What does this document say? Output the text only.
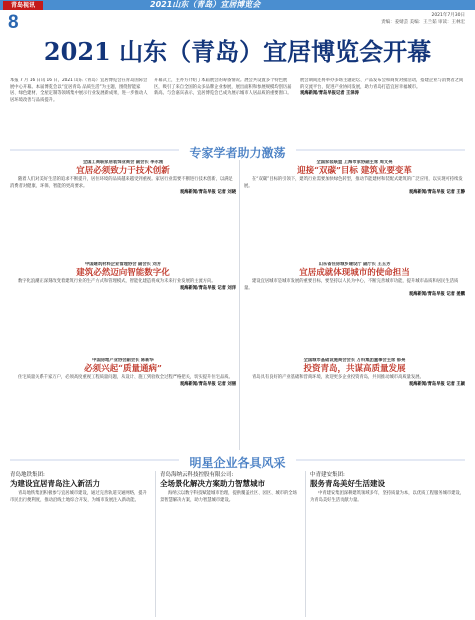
青岛视讯	2021山东（青岛）宜居博览会
8	2021年7月30日
责编：姜婧芸 美编：王兰茹 审读：王林宏
2021 山东（青岛）宜居博览会开幕
本报 7 月 16 日讯 16 日，2021 山东（青岛）宜居博览会在青岛国际会展中心开幕。本届博览会以“宜居青岛 品质生活”为主题，围绕智能家居、绿色建材、全屋定制等领域集中展示行业发展新成果，进一步推动人居环境改善与品质提升。
开幕式上，主办方介绍了本届展会的筹备情况。展会共设置多个特色展区，吸引了来自全国的众多品牌企业参展，展出面积和参展规模均创历届新高。与会嘉宾表示，宜居博览会已成为展示城市人居品质的重要窗口。
展会期间还将举办多场主题论坛、产品发布会和商贸对接活动，搭建企业与消费者之间的交流平台，促进产业协同发展，助力青岛打造宜居幸福城市。
观海新闻/青岛早报记者 王泽涛
专家学者助力激荡
全国工商联家居装饰业商会 副会长 李永刚
宜居必须致力于技术创新
随着人们对美好生活的追求不断提升，居住环境的品质越来越受到重视。家居行业需要不断进行技术创新，以满足消费者对健康、环保、智能的更高要求。
观海新闻/青岛早报 记者 刘晓
全国家装联盟 上海市家协副主席 周文亮
迎接“双碳”目标 建筑业要变革
在“双碳”目标的引领下，建筑行业需要加快绿色转型，推动节能建材和装配式建筑的广泛应用，以实现可持续发展。
观海新闻/青岛早报 记者 王静
中国建筑材料企业管理协会 副会长 刘芳
建筑必然迈向智能数字化
数字化浪潮正深刻改变着建筑行业的生产方式和管理模式，智能化建造将成为未来行业发展的主流方向。
观海新闻/青岛早报 记者 刘洋
山东省住房城乡建设厅 副厅长 王玉芳
宜居成就体现城市的使命担当
建设宜居城市是城市发展的重要目标，要坚持以人民为中心，不断完善城市功能，提升城市品质和居民生活质量。
观海新闻/青岛早报 记者 姜鹏
中国房地产业协会副会长 陈新华
必须兴起“质量通病”
住宅质量关系千家万户，必须高度重视工程质量问题，从设计、施工到验收全过程严格把关，切实提升住宅品质。
观海新闻/青岛早报 记者 刘丽
全国城市基础设施商会会长 万科集团董事会主席 郁亮
投资青岛，共谋高质量发展
青岛具有良好的产业基础和营商环境，欢迎更多企业投资青岛，共同推动城市高质量发展。
观海新闻/青岛早报 记者 王颖
明星企业各具风采
青岛地铁集团:
为建设宜居青岛注入新活力
青岛地铁集团积极参与宜居城市建设，通过完善轨道交通网络，提升市民出行便利度，推动沿线土地综合开发，为城市发展注入新动能。
青岛海纳云科技控股有限公司:
全场景化解决方案助力智慧城市
海纳云以数字科技赋能城市治理，提供覆盖社区、园区、城市的全场景智慧解决方案，助力智慧城市建设。
中青建安集团:
服务青岛美好生活建设
中青建安集团深耕建筑领域多年，坚持质量为本，以优质工程服务城市建设，为青岛美好生活贡献力量。
